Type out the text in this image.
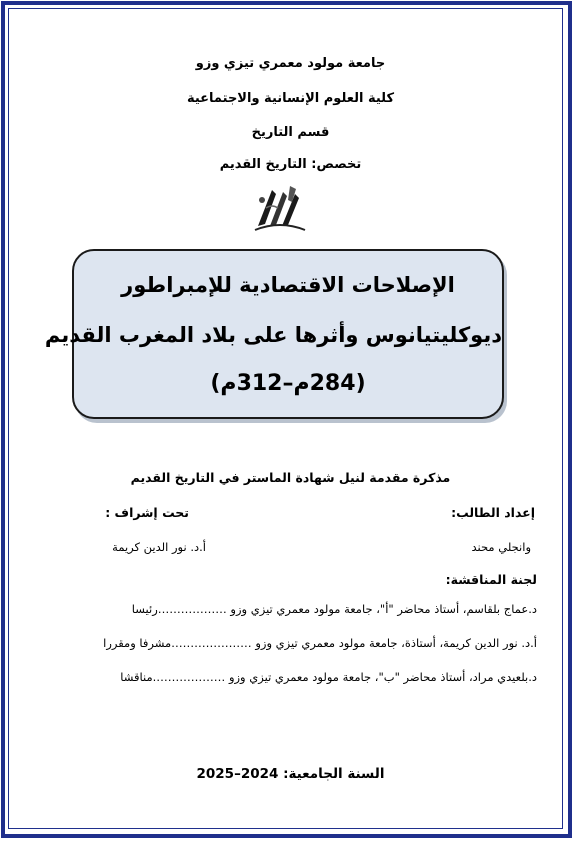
جامعة مولود معمري تيزي وزو
كلية العلوم الإنسانية والاجتماعية
قسم التاريخ
تخصص: التاريخ القديم
الإصلاحات الاقتصادية للإمبراطور
ديوكليتيانوس وأثرها على بلاد المغرب القديم
(284م–312م)
مذكرة مقدمة لنيل شهادة الماستر في التاريخ القديم
إعداد الطالب:
تحت إشراف :
وانجلي محند
أ.د. نور الدين كريمة
لجنة المناقشة:
د.عماج بلقاسم، أستاذ محاضر "أ"، جامعة مولود معمري تيزي وزو ………………رئيسا
أ.د. نور الدين كريمة، أستاذة، جامعة مولود معمري تيزي وزو …………………مشرفا ومقررا
د.بلعيدي مراد، أستاذ محاضر "ب"، جامعة مولود معمري تيزي وزو ……………….مناقشا
السنة الجامعية: 2024–2025
